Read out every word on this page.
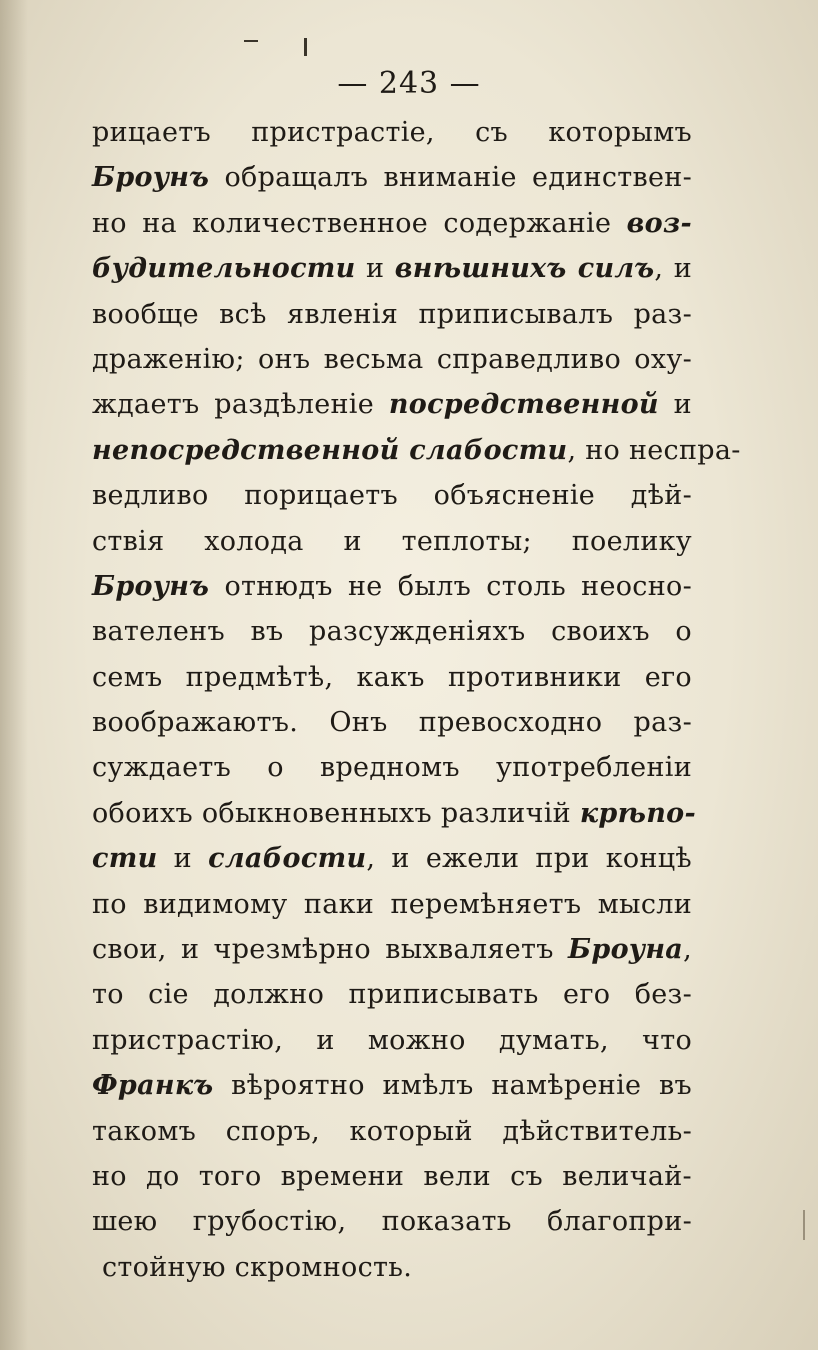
— 243 —
рицаетъ пристрастіе, съ которымъ
Броунъ обращалъ вниманіе единствен-
но на количественное содержаніе воз-
будительности и внѣшнихъ силъ, и
вообще всѣ явленія приписывалъ раз-
драженію; онъ весьма справедливо оху-
ждаетъ раздѣленіе посредственной и
непосредственной слабости, но неспра-
ведливо порицаетъ объясненіе дѣй-
ствія холода и теплоты; поелику
Броунъ отнюдъ не былъ столь неосно-
вателенъ въ разсужденіяхъ своихъ о
семъ предмѣтѣ, какъ противники его
воображаютъ. Онъ превосходно раз-
суждаетъ о вредномъ употребленіи
обоихъ обыкновенныхъ различій крѣпо-
сти и слабости, и ежели при концѣ
по видимому паки перемѣняетъ мысли
свои, и чрезмѣрно выхваляетъ Броуна,
то сіе должно приписывать его без-
пристрастію, и можно думать, что
Франкъ вѣроятно имѣлъ намѣреніе въ
такомъ споръ, который дѣйствитель-
но до того времени вели съ величай-
шею грубостію, показать благопри-
стойную скромность.
